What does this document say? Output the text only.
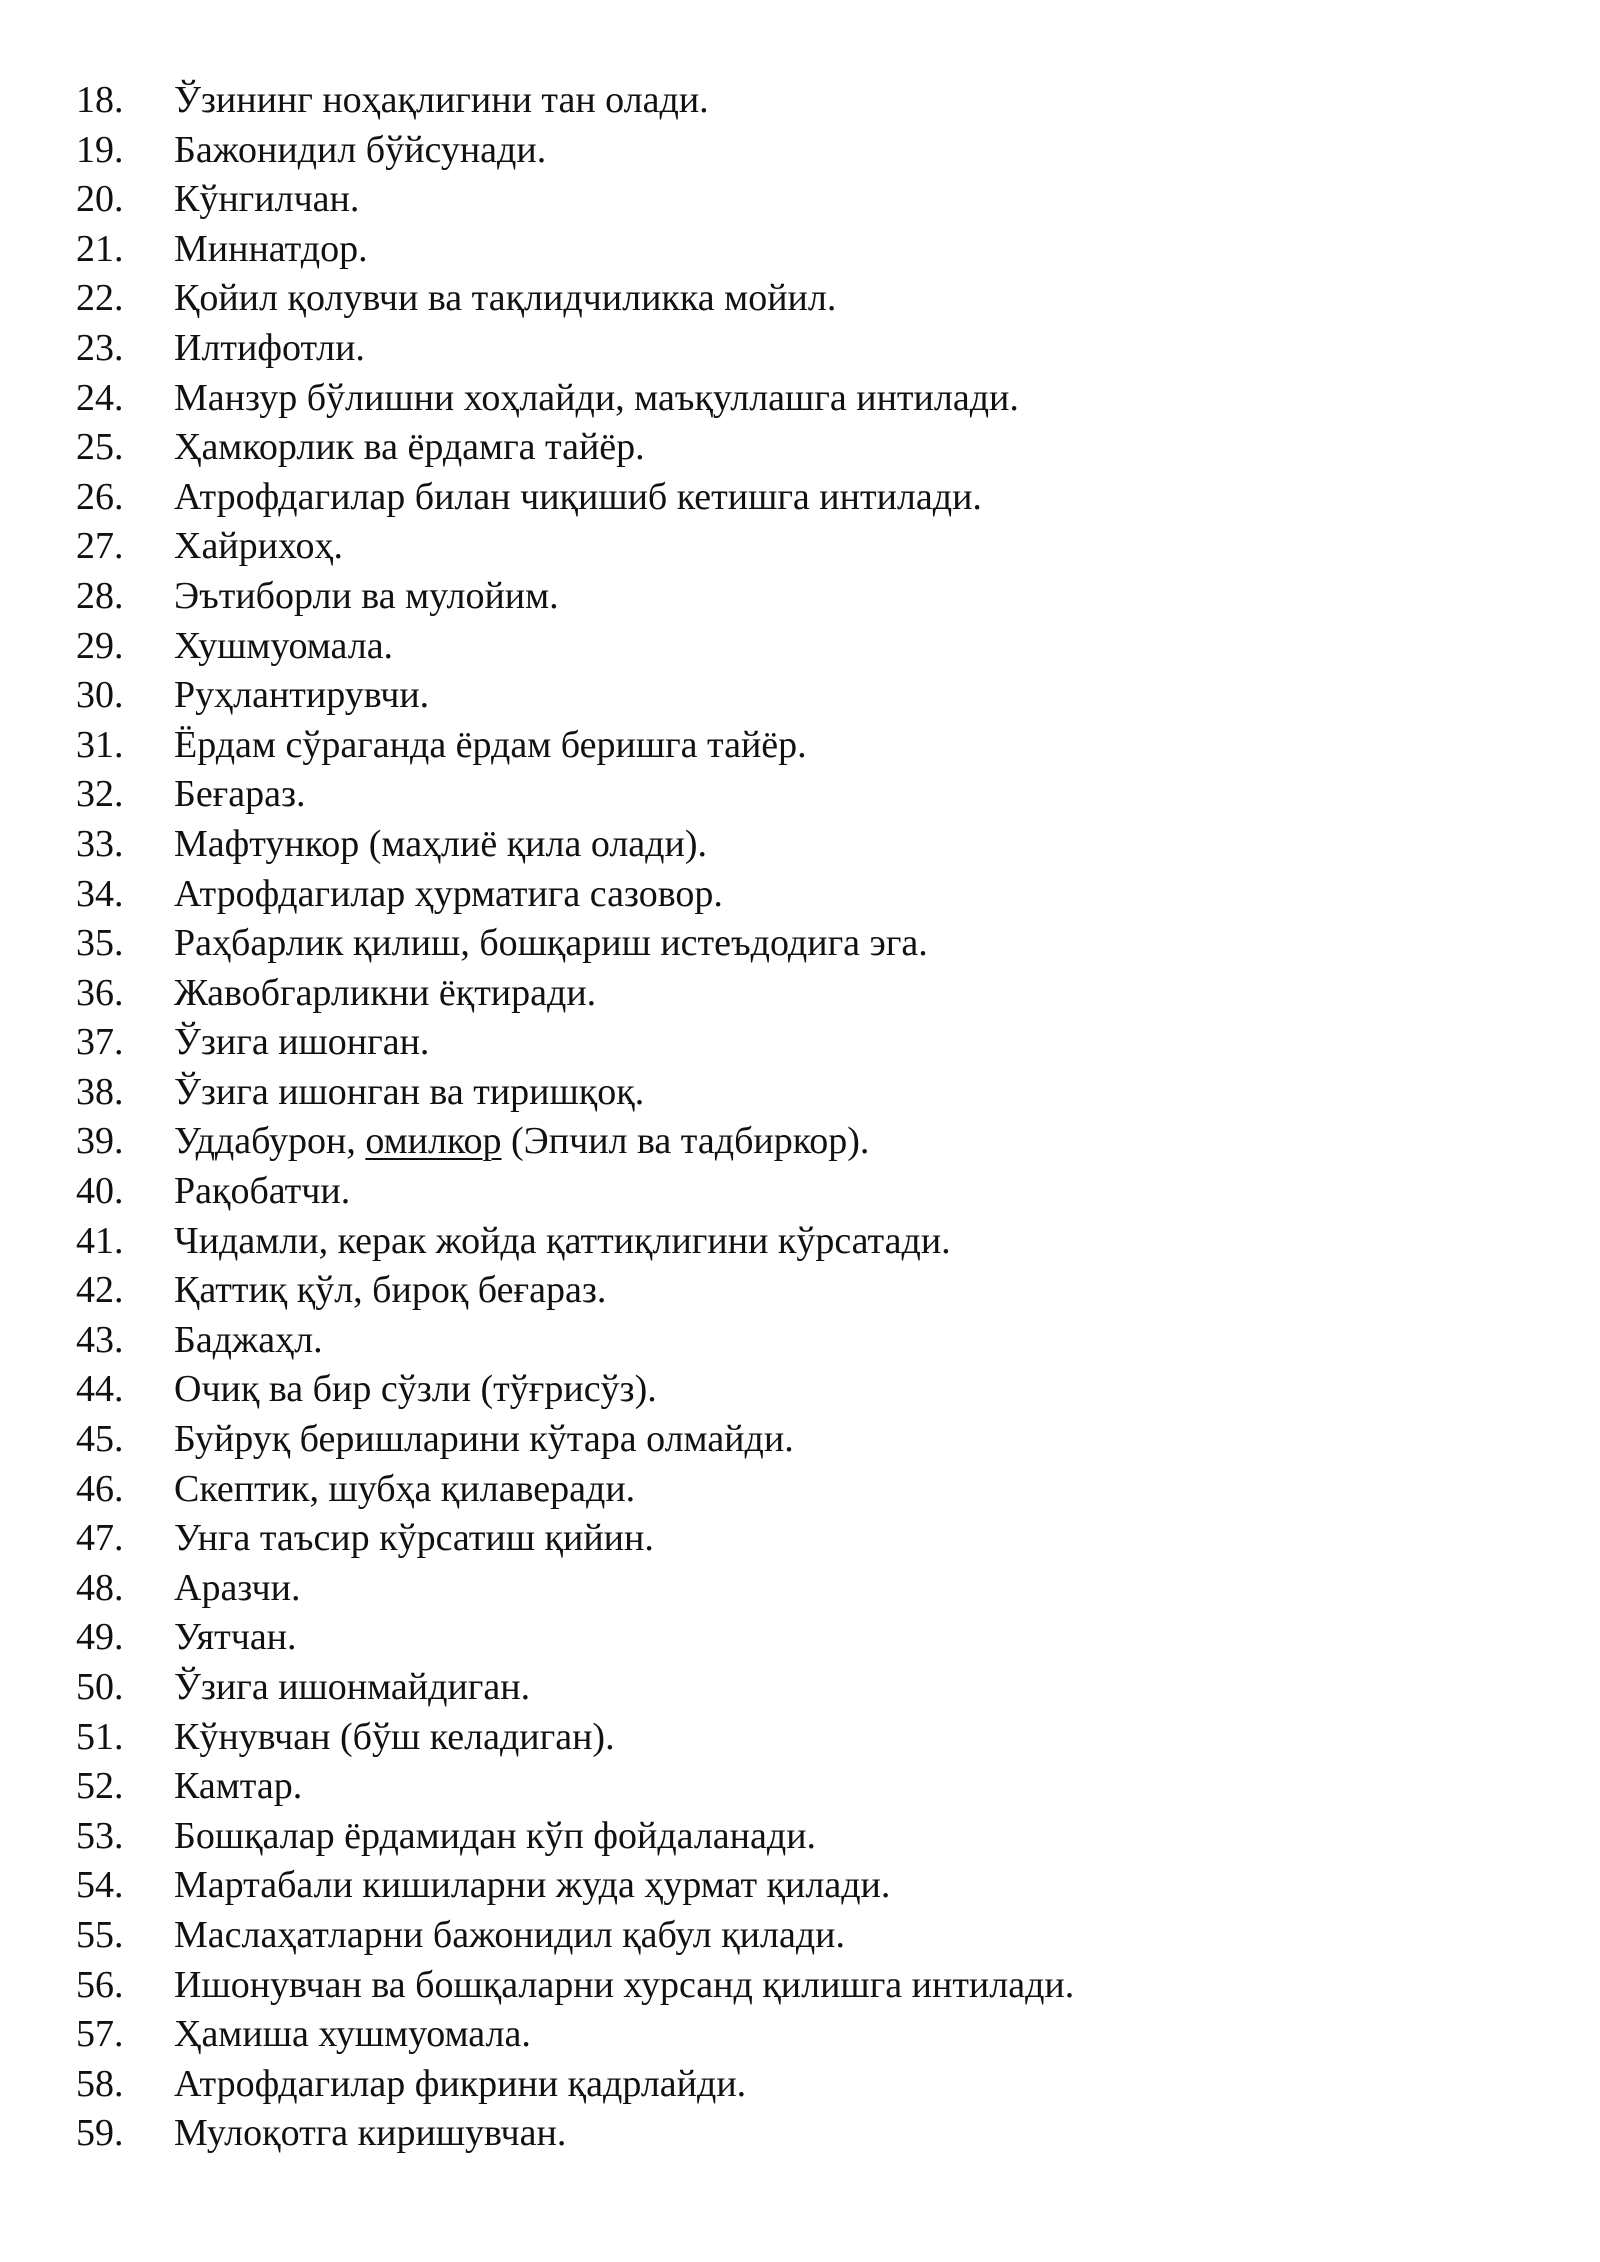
18.	Ўзининг ноҳақлигини тан олади.
19.	Бажонидил бўйсунади.
20.	Кўнгилчан.
21.	Миннатдор.
22.	Қойил қолувчи ва тақлидчиликка мойил.
23.	Илтифотли.
24.	Манзур бўлишни хоҳлайди, маъқуллашга интилади.
25.	Ҳамкорлик ва ёрдамга тайёр.
26.	Атрофдагилар билан чиқишиб кетишга интилади.
27.	Хайрихоҳ.
28.	Эътиборли ва мулойим.
29.	Хушмуомала.
30.	Руҳлантирувчи.
31.	Ёрдам сўраганда ёрдам беришга тайёр.
32.	Беғараз.
33.	Мафтункор (маҳлиё қила олади).
34.	Атрофдагилар ҳурматига сазовор.
35.	Раҳбарлик қилиш, бошқариш истеъдодига эга.
36.	Жавобгарликни ёқтиради.
37.	Ўзига ишонган.
38.	Ўзига ишонган ва тиришқоқ.
39.	Уддабурон, омилкор (Эпчил ва тадбиркор).
40.	Рақобатчи.
41.	Чидамли, керак жойда қаттиқлигини кўрсатади.
42.	Қаттиқ қўл, бироқ беғараз.
43.	Баджаҳл.
44.	Очиқ ва бир сўзли (тўғрисўз).
45.	Буйруқ беришларини кўтара олмайди.
46.	Скептик, шубҳа қилаверади.
47.	Унга таъсир кўрсатиш қийин.
48.	Аразчи.
49.	Уятчан.
50.	Ўзига ишонмайдиган.
51.	Кўнувчан (бўш келадиган).
52.	Камтар.
53.	Бошқалар ёрдамидан кўп фойдаланади.
54.	Мартабали кишиларни жуда ҳурмат қилади.
55.	Маслаҳатларни бажонидил қабул қилади.
56.	Ишонувчан ва бошқаларни хурсанд қилишга интилади.
57.	Ҳамиша хушмуомала.
58.	Атрофдагилар фикрини қадрлайди.
59.	Мулоқотга киришувчан.
